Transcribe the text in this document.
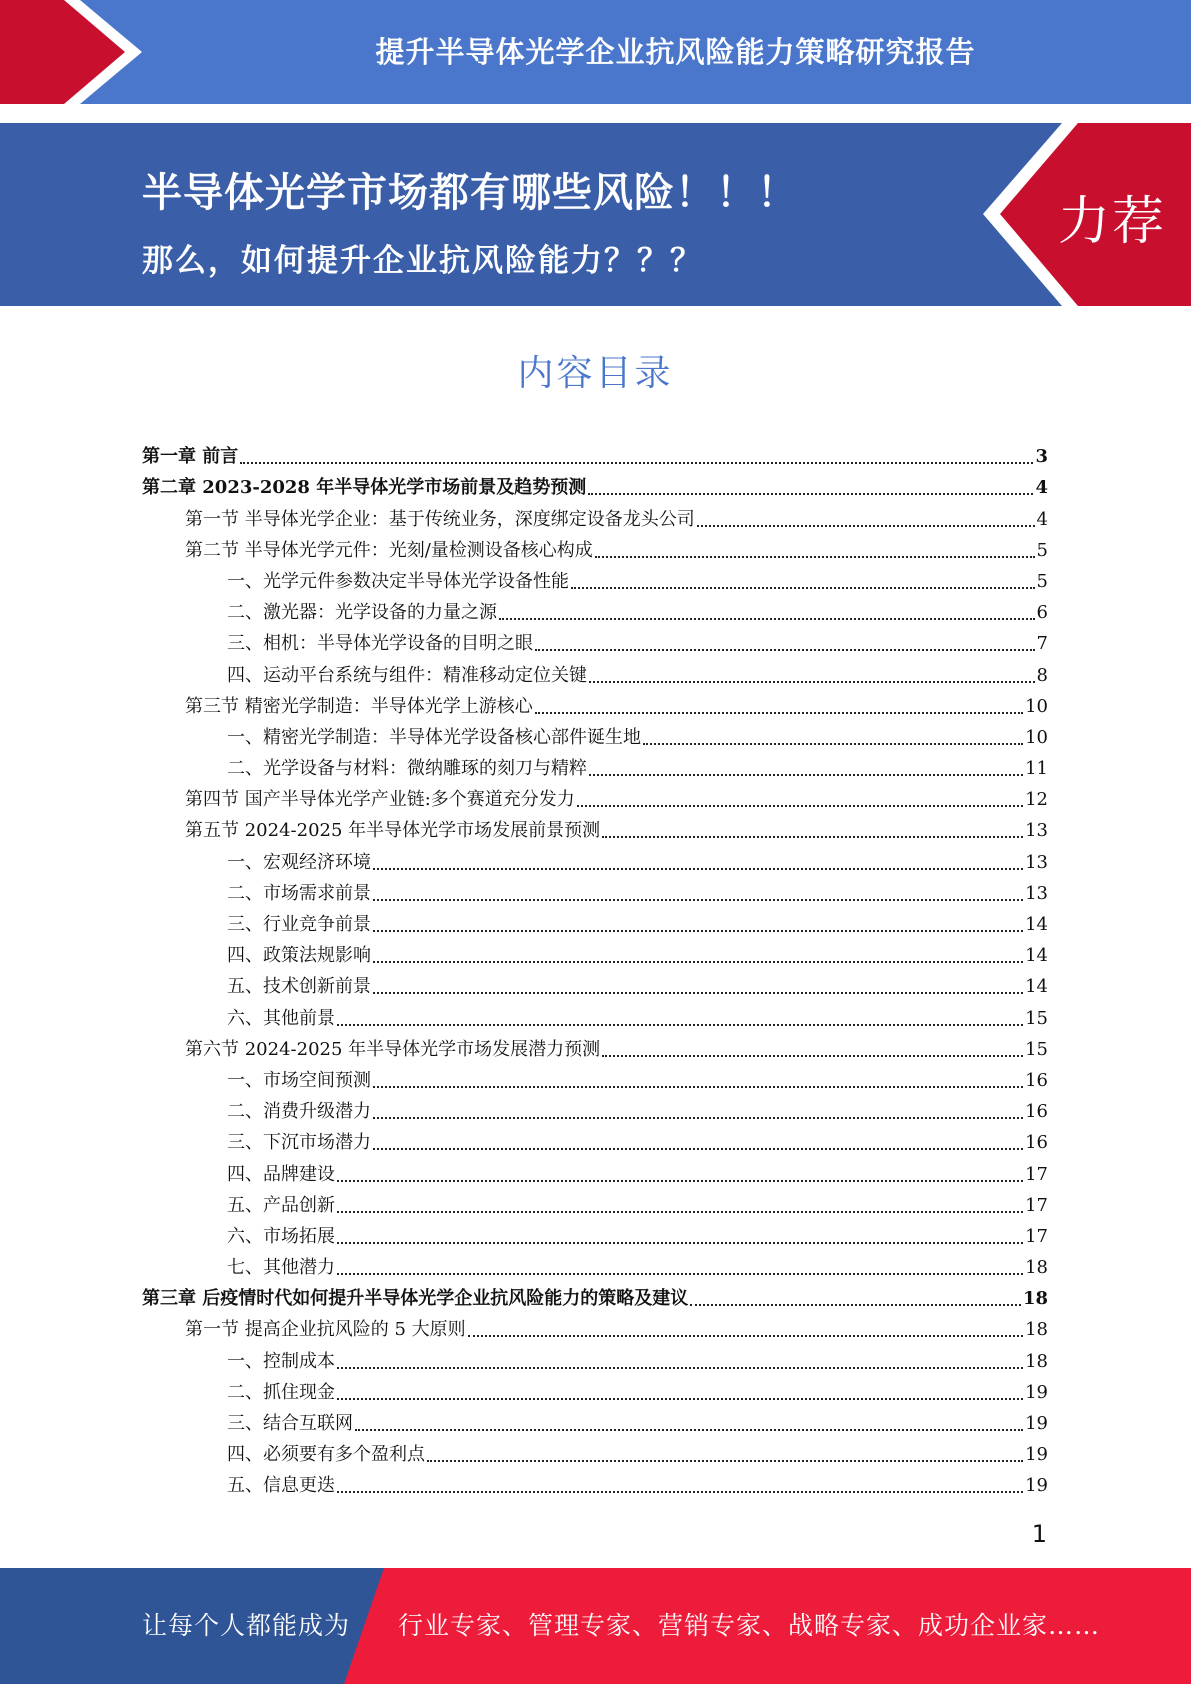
提升半导体光学企业抗风险能力策略研究报告
半导体光学市场都有哪些风险！！！
那么，如何提升企业抗风险能力？？？
力荐
内容目录
第一章 前言	3
第二章 2023-2028 年半导体光学市场前景及趋势预测	4
第一节 半导体光学企业：基于传统业务，深度绑定设备龙头公司	4
第二节 半导体光学元件：光刻/量检测设备核心构成	5
一、光学元件参数决定半导体光学设备性能	5
二、激光器：光学设备的力量之源	6
三、相机：半导体光学设备的目明之眼	7
四、运动平台系统与组件：精准移动定位关键	8
第三节 精密光学制造：半导体光学上游核心	10
一、精密光学制造：半导体光学设备核心部件诞生地	10
二、光学设备与材料：微纳雕琢的刻刀与精粹	11
第四节 国产半导体光学产业链:多个赛道充分发力	12
第五节 2024-2025 年半导体光学市场发展前景预测	13
一、宏观经济环境	13
二、市场需求前景	13
三、行业竞争前景	14
四、政策法规影响	14
五、技术创新前景	14
六、其他前景	15
第六节 2024-2025 年半导体光学市场发展潜力预测	15
一、市场空间预测	16
二、消费升级潜力	16
三、下沉市场潜力	16
四、品牌建设	17
五、产品创新	17
六、市场拓展	17
七、其他潜力	18
第三章 后疫情时代如何提升半导体光学企业抗风险能力的策略及建议	18
第一节 提高企业抗风险的 5 大原则	18
一、控制成本	18
二、抓住现金	19
三、结合互联网	19
四、必须要有多个盈利点	19
五、信息更迭	19
1
让每个人都能成为 行业专家、管理专家、营销专家、战略专家、成功企业家……
